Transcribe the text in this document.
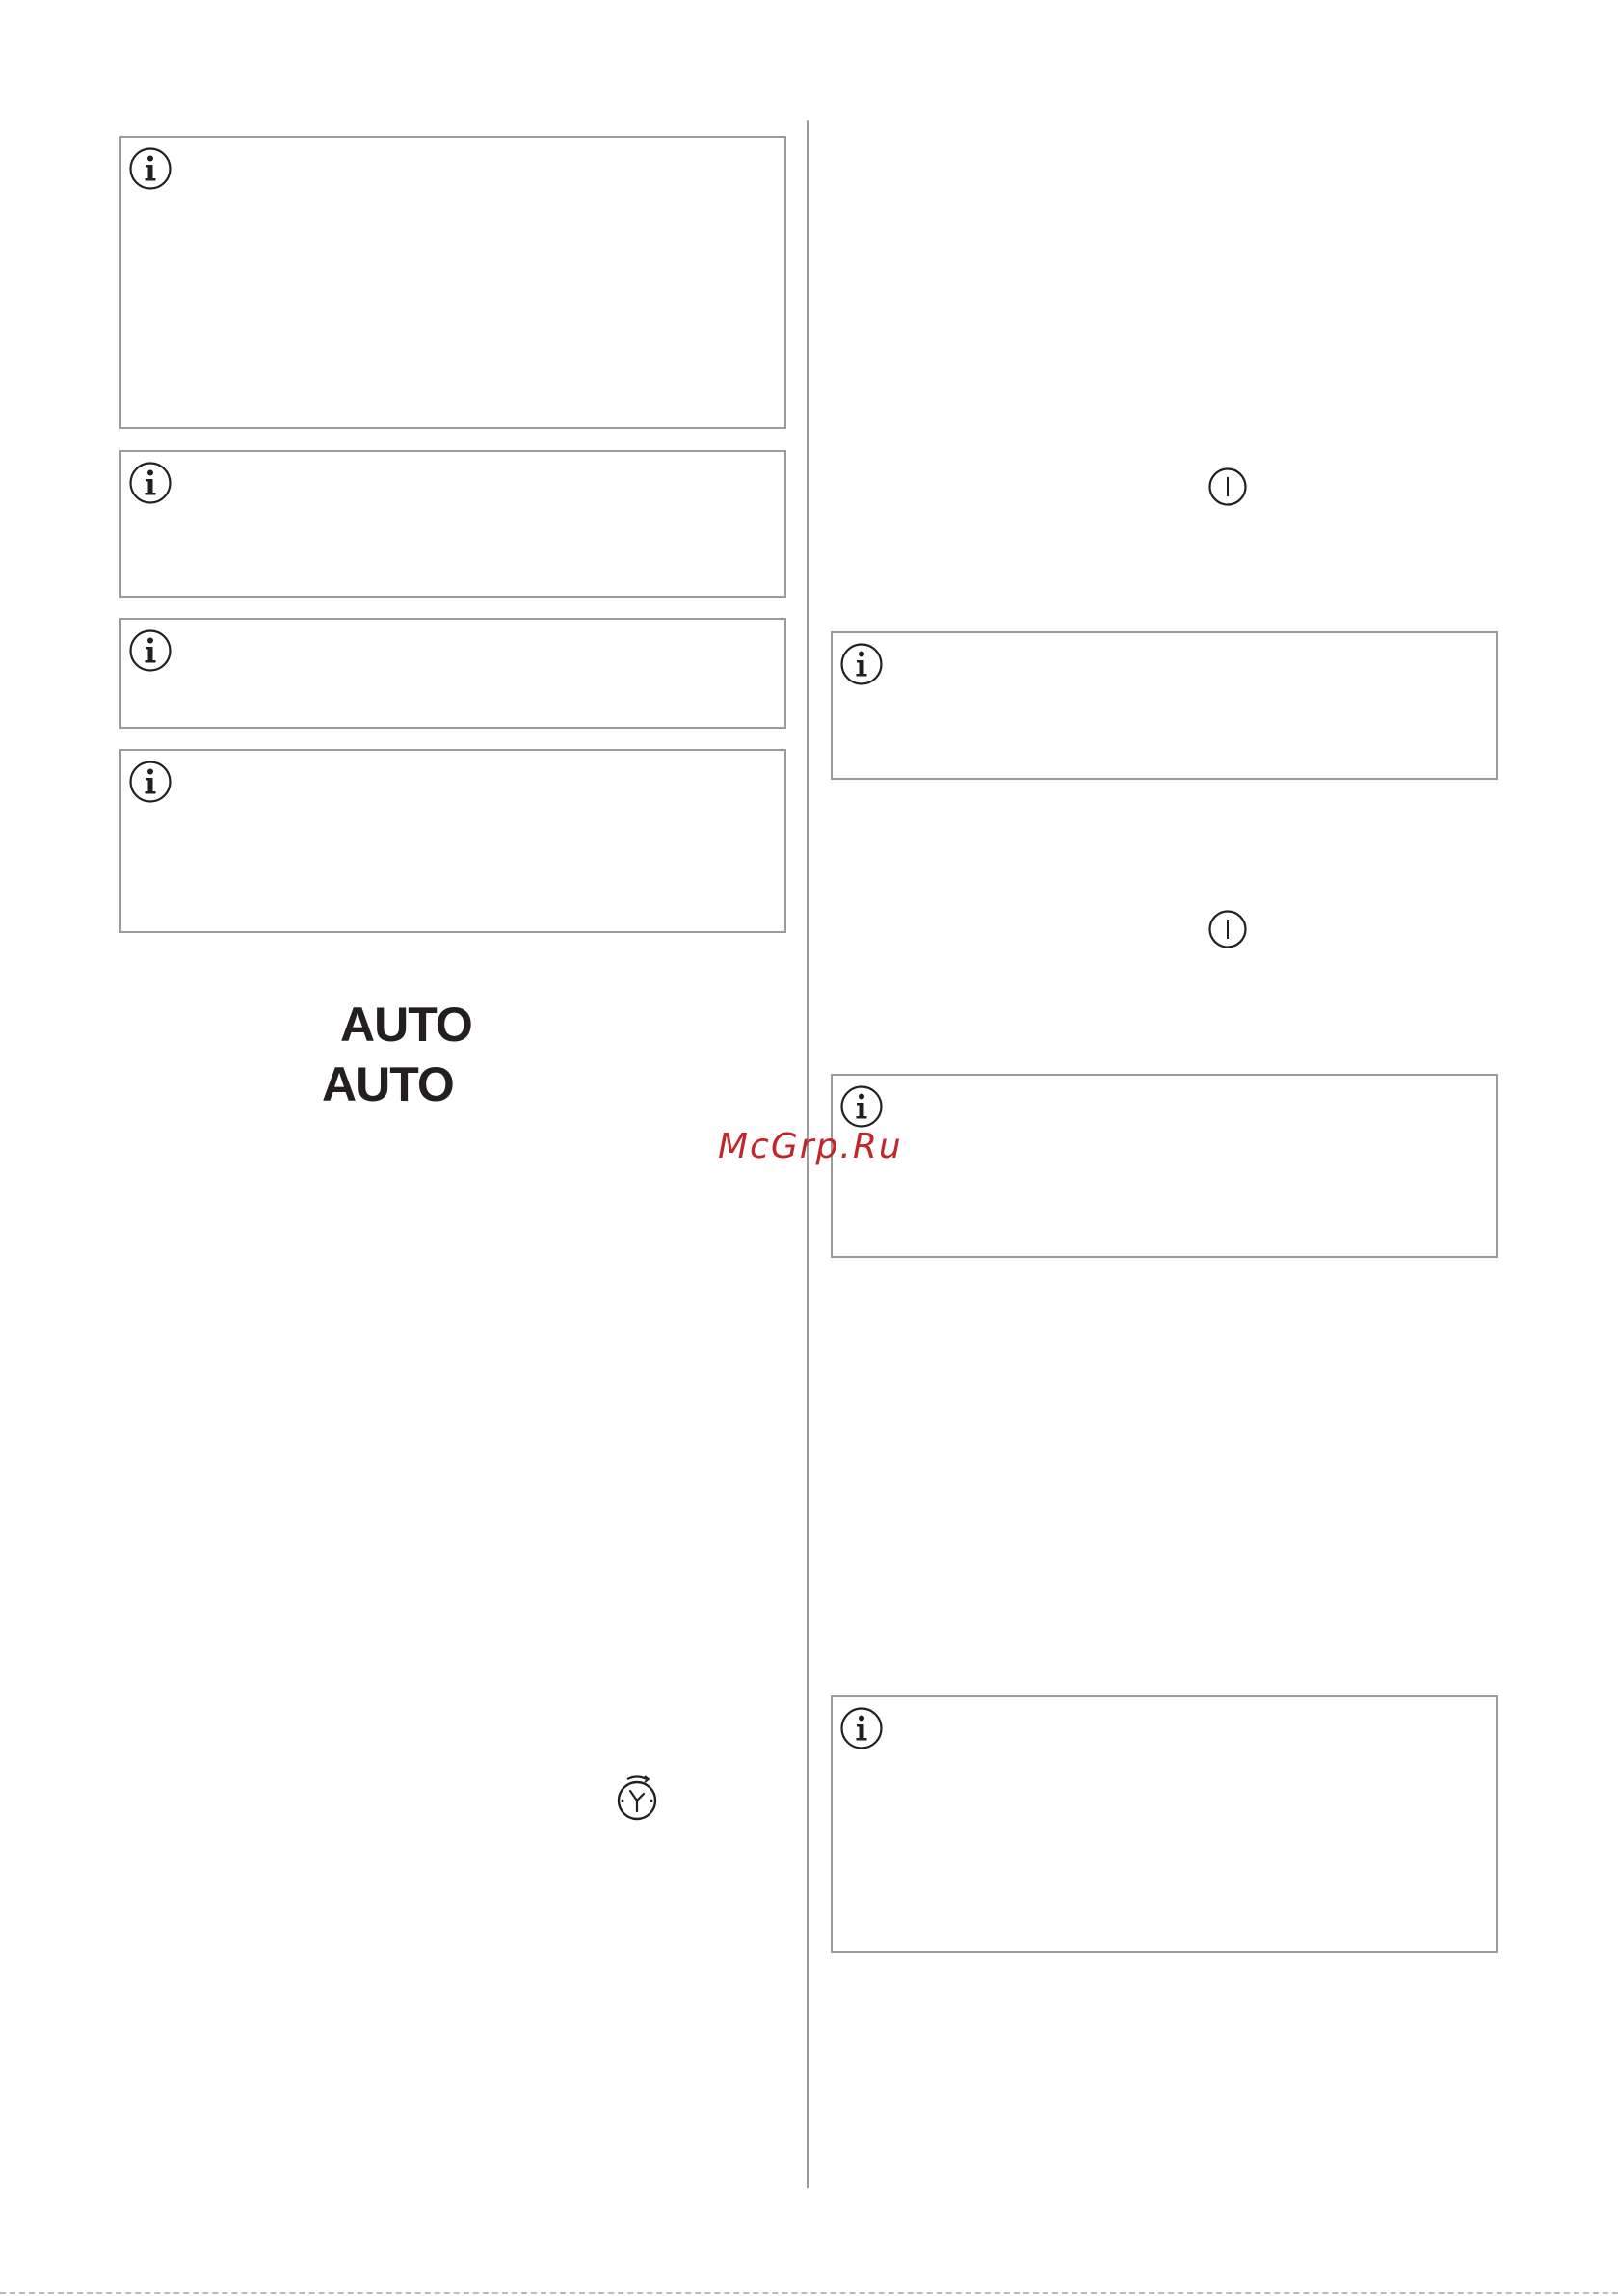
AUTO
AUTO
McGrp.Ru
